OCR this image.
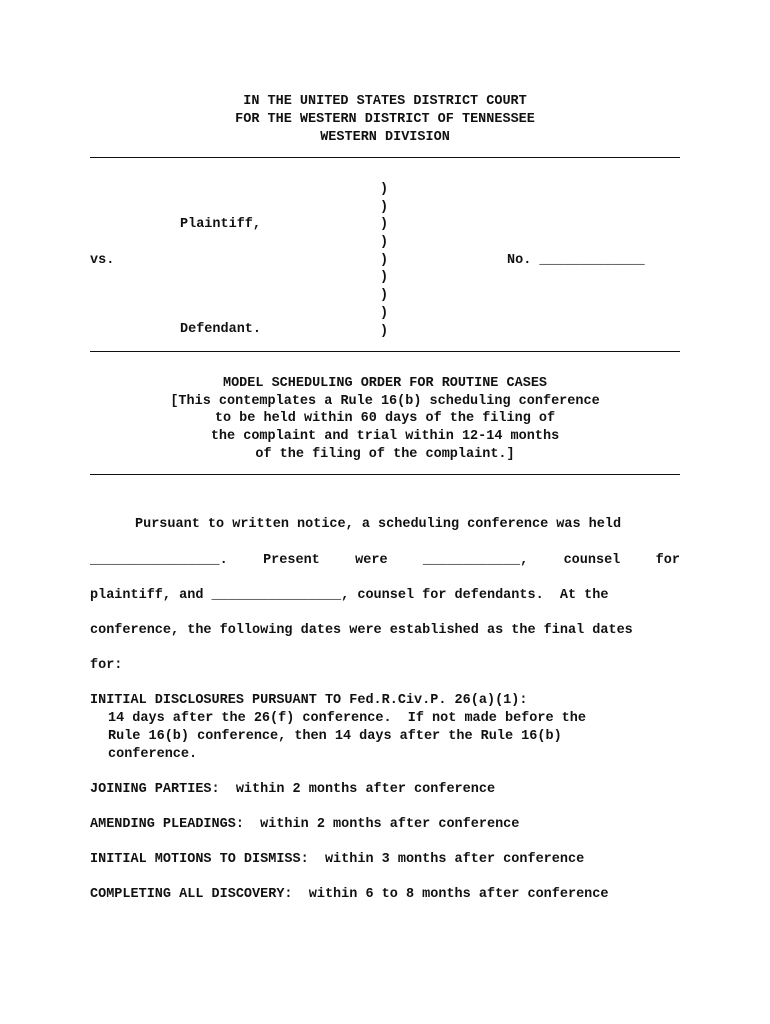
IN THE UNITED STATES DISTRICT COURT
FOR THE WESTERN DISTRICT OF TENNESSEE
WESTERN DIVISION
)
)
)
)
)
)
)
)
)
Plaintiff,
vs.	No. _____________
Defendant.
MODEL SCHEDULING ORDER FOR ROUTINE CASES
[This contemplates a Rule 16(b) scheduling conference
to be held within 60 days of the filing of
the complaint and trial within 12-14 months
of the filing of the complaint.]
Pursuant to written notice, a scheduling conference was held
________________.	Present	were	____________,	counsel	for
plaintiff, and ________________, counsel for defendants.  At the
conference, the following dates were established as the final dates
for:
INITIAL DISCLOSURES PURSUANT TO Fed.R.Civ.P. 26(a)(1):
14 days after the 26(f) conference.  If not made before the
Rule 16(b) conference, then 14 days after the Rule 16(b)
conference.
JOINING PARTIES:  within 2 months after conference
AMENDING PLEADINGS:  within 2 months after conference
INITIAL MOTIONS TO DISMISS:  within 3 months after conference
COMPLETING ALL DISCOVERY:  within 6 to 8 months after conference
